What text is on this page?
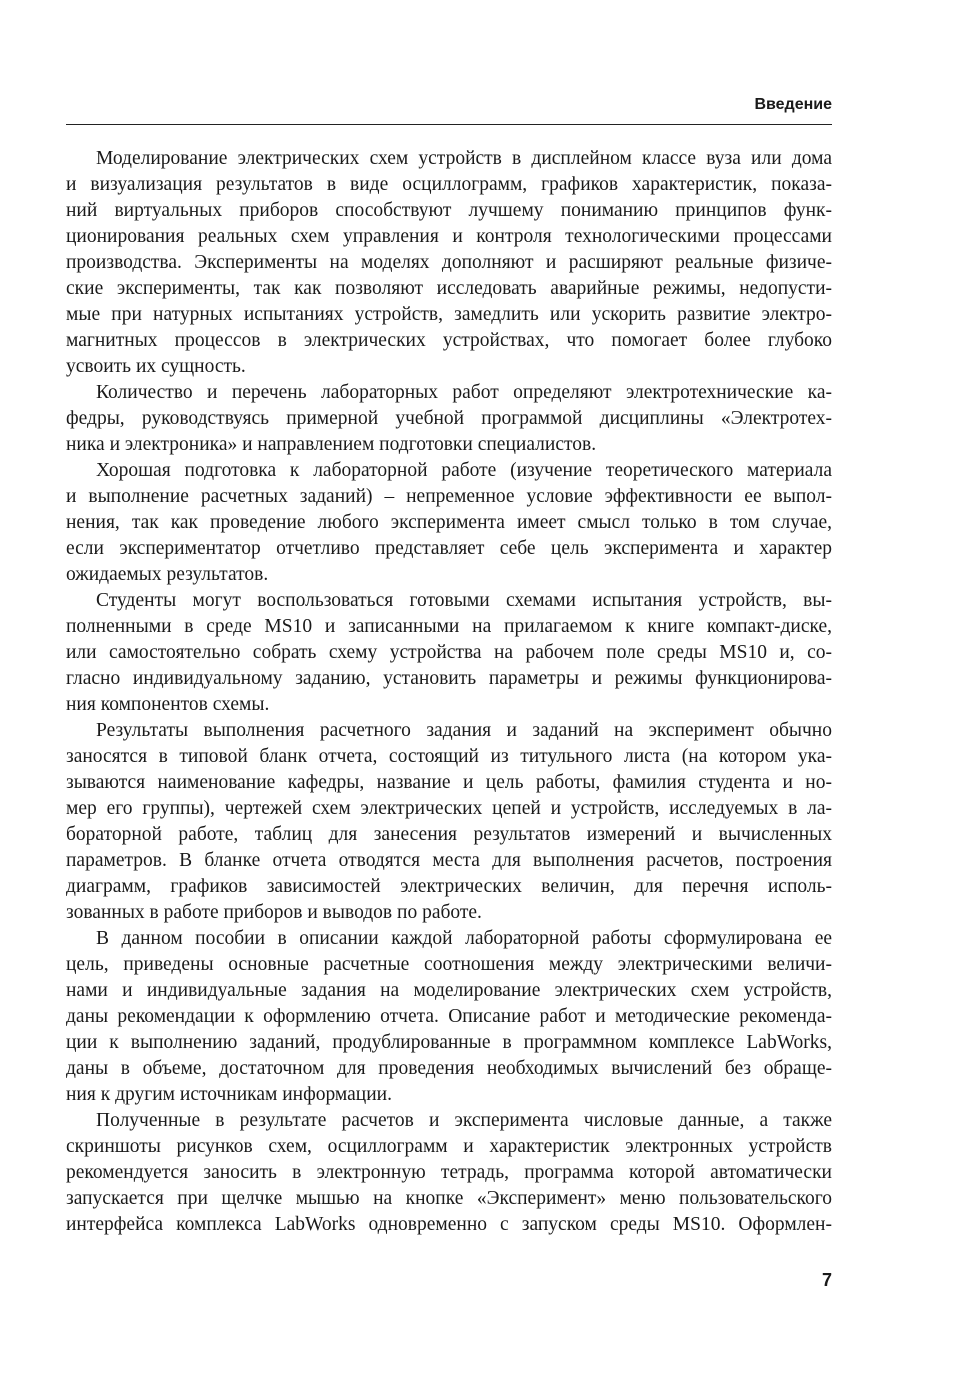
Введение
Моделирование электрических схем устройств в дисплейном классе вуза или дома
и визуализация результатов в виде осциллограмм, графиков характеристик, показа-
ний виртуальных приборов способствуют лучшему пониманию принципов функ-
ционирования реальных схем управления и контроля технологическими процессами
производства. Эксперименты на моделях дополняют и расширяют реальные физиче-
ские эксперименты, так как позволяют исследовать аварийные режимы, недопусти-
мые при натурных испытаниях устройств, замедлить или ускорить развитие электро-
магнитных процессов в электрических устройствах, что помогает более глубоко
усвоить их сущность.
Количество и перечень лабораторных работ определяют электротехнические ка-
федры, руководствуясь примерной учебной программой дисциплины «Электротех-
ника и электроника» и направлением подготовки специалистов.
Хорошая подготовка к лабораторной работе (изучение теоретического материала
и выполнение расчетных заданий) – непременное условие эффективности ее выпол-
нения, так как проведение любого эксперимента имеет смысл только в том случае,
если экспериментатор отчетливо представляет себе цель эксперимента и характер
ожидаемых результатов.
Студенты могут воспользоваться готовыми схемами испытания устройств, вы-
полненными в среде MS10 и записанными на прилагаемом к книге компакт-диске,
или самостоятельно собрать схему устройства на рабочем поле среды MS10 и, со-
гласно индивидуальному заданию, установить параметры и режимы функционирова-
ния компонентов схемы.
Результаты выполнения расчетного задания и заданий на эксперимент обычно
заносятся в типовой бланк отчета, состоящий из титульного листа (на котором ука-
зываются наименование кафедры, название и цель работы, фамилия студента и но-
мер его группы), чертежей схем электрических цепей и устройств, исследуемых в ла-
бораторной работе, таблиц для занесения результатов измерений и вычисленных
параметров. В бланке отчета отводятся места для выполнения расчетов, построения
диаграмм, графиков зависимостей электрических величин, для перечня исполь-
зованных в работе приборов и выводов по работе.
В данном пособии в описании каждой лабораторной работы сформулирована ее
цель, приведены основные расчетные соотношения между электрическими величи-
нами и индивидуальные задания на моделирование электрических схем устройств,
даны рекомендации к оформлению отчета. Описание работ и методические рекоменда-
ции к выполнению заданий, продублированные в программном комплексе LabWorks,
даны в объеме, достаточном для проведения необходимых вычислений без обраще-
ния к другим источникам информации.
Полученные в результате расчетов и эксперимента числовые данные, а также
скриншоты рисунков схем, осциллограмм и характеристик электронных устройств
рекомендуется заносить в электронную тетрадь, программа которой автоматически
запускается при щелчке мышью на кнопке «Эксперимент» меню пользовательского
интерфейса комплекса LabWorks одновременно с запуском среды MS10. Оформлен-
7
